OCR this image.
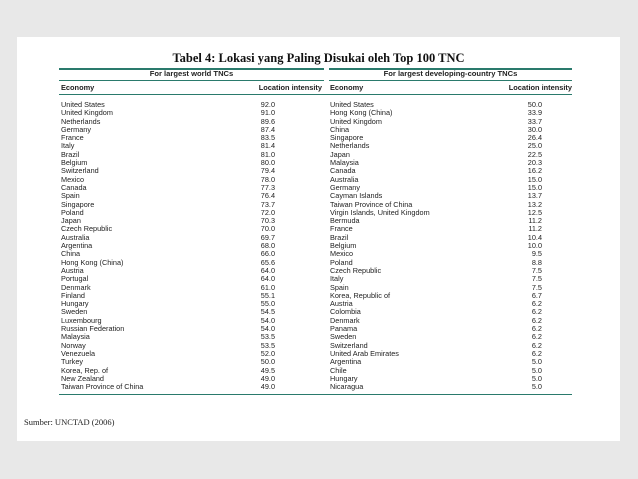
Tabel 4: Lokasi yang Paling Disukai oleh Top 100 TNC
For largest world TNCs	For largest developing-country TNCs
Economy	Location intensity Economy	Location intensity
United States	92.0
United Kingdom	91.0
Netherlands	89.6
Germany	87.4
France	83.5
Italy	81.4
Brazil	81.0
Belgium	80.0
Switzerland	79.4
Mexico	78.0
Canada	77.3
Spain	76.4
Singapore	73.7
Poland	72.0
Japan	70.3
Czech Republic	70.0
Australia	69.7
Argentina	68.0
China	66.0
Hong Kong (China)	65.6
Austria	64.0
Portugal	64.0
Denmark	61.0
Finland	55.1
Hungary	55.0
Sweden	54.5
Luxembourg	54.0
Russian Federation	54.0
Malaysia	53.5
Norway	53.5
Venezuela	52.0
Turkey	50.0
Korea, Rep. of	49.5
New Zealand	49.0
Taiwan Province of China	49.0
United States	50.0
Hong Kong (China)	33.9
United Kingdom	33.7
China	30.0
Singapore	26.4
Netherlands	25.0
Japan	22.5
Malaysia	20.3
Canada	16.2
Australia	15.0
Germany	15.0
Cayman Islands	13.7
Taiwan Province of China	13.2
Virgin Islands, United Kingdom	12.5
Bermuda	11.2
France	11.2
Brazil	10.4
Belgium	10.0
Mexico	9.5
Poland	8.8
Czech Republic	7.5
Italy	7.5
Spain	7.5
Korea, Republic of	6.7
Austria	6.2
Colombia	6.2
Denmark	6.2
Panama	6.2
Sweden	6.2
Switzerland	6.2
United Arab Emirates	6.2
Argentina	5.0
Chile	5.0
Hungary	5.0
Nicaragua	5.0
Sumber: UNCTAD (2006)
